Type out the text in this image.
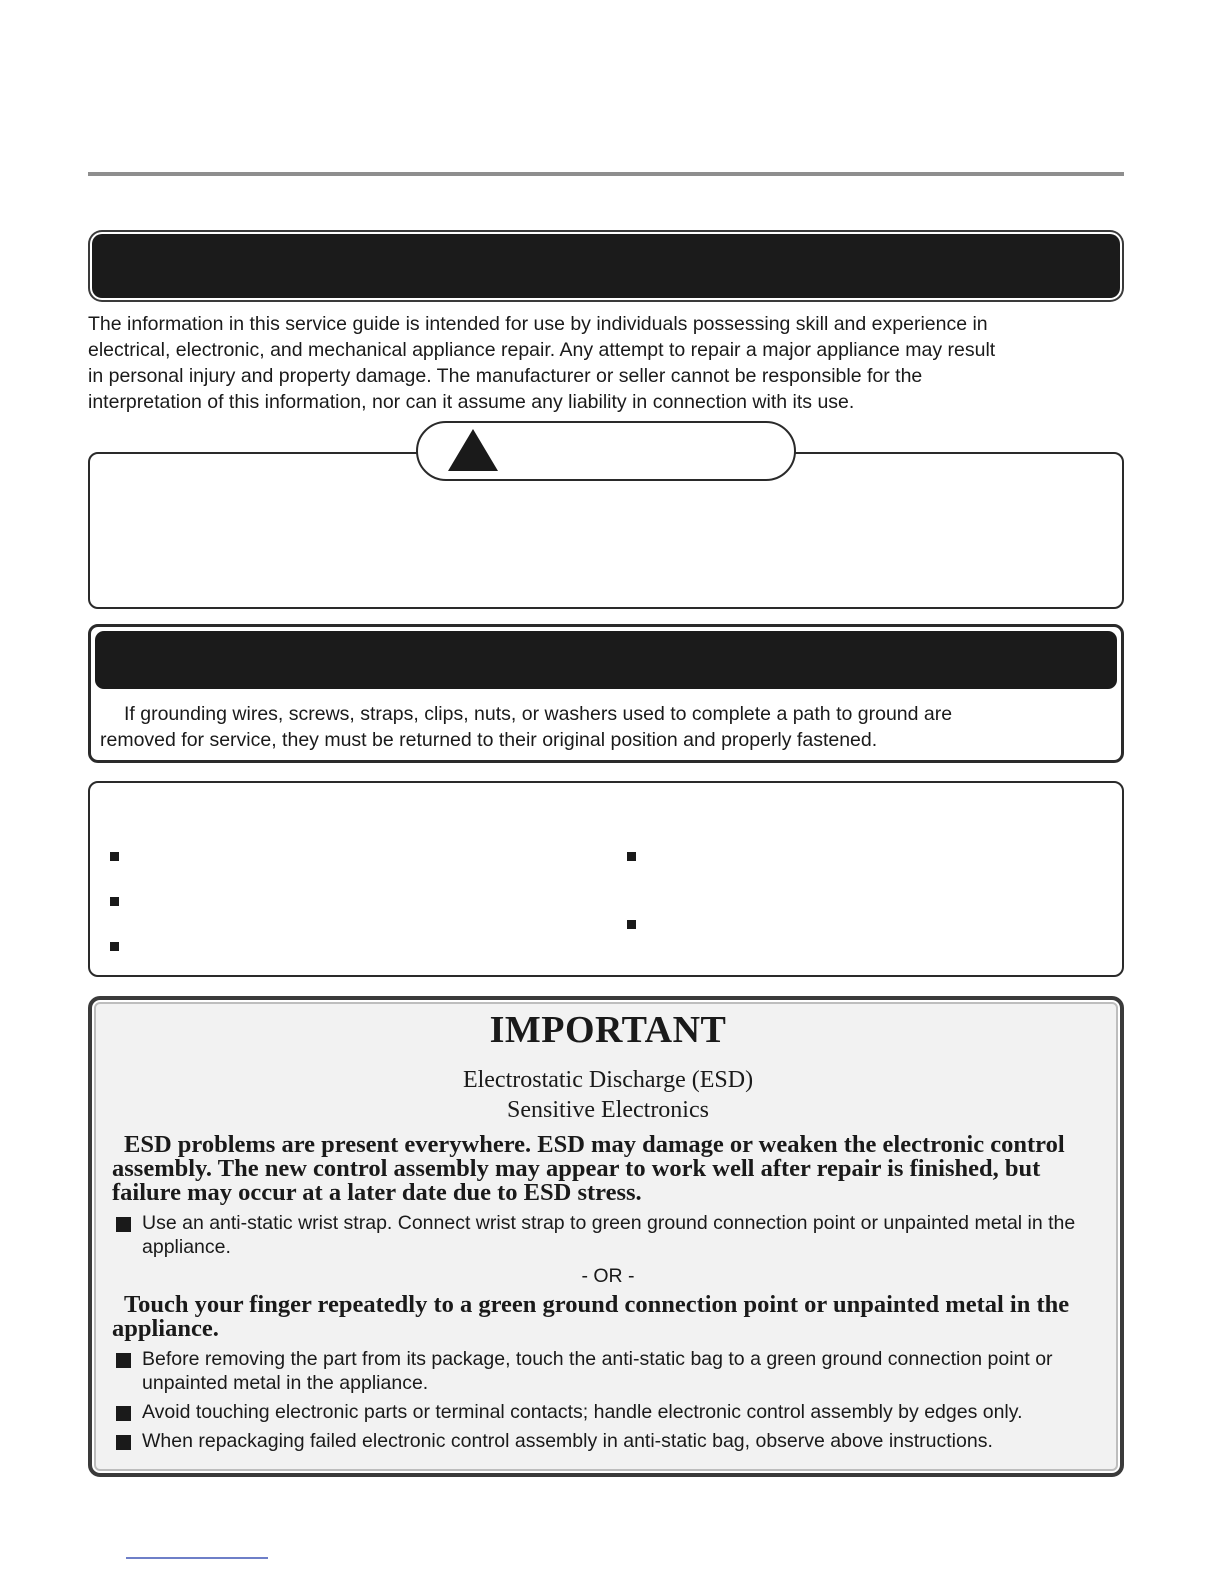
The information in this service guide is intended for use by individuals possessing skill and experience in
electrical, electronic, and mechanical appliance repair. Any attempt to repair a major appliance may result
in personal injury and property damage. The manufacturer or seller cannot be responsible for the
interpretation of this information, nor can it assume any liability in connection with its use.

If grounding wires, screws, straps, clips, nuts, or washers used to complete a path to ground are
removed for service, they must be returned to their original position and properly fastened.

IMPORTANT

Electrostatic Discharge (ESD)

Sensitive Electronics

ESD problems are present everywhere. ESD may damage or weaken the electronic control assembly. The new control assembly may appear to work well after repair is finished, but failure may occur at a later date due to ESD stress.

Use an anti-static wrist strap. Connect wrist strap to green ground connection point or unpainted metal in the appliance.

- OR -

Touch your finger repeatedly to a green ground connection point or unpainted metal in the appliance.

Before removing the part from its package, touch the anti-static bag to a green ground connection point or unpainted metal in the appliance.
Avoid touching electronic parts or terminal contacts; handle electronic control assembly by edges only.
When repackaging failed electronic control assembly in anti-static bag, observe above instructions.
